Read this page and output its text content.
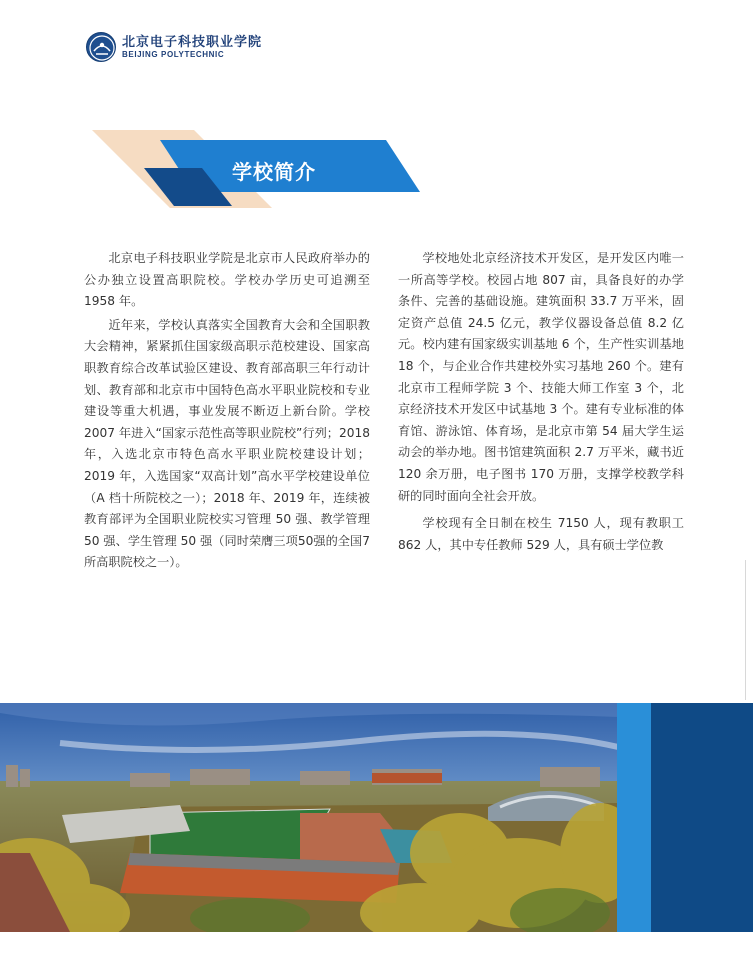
北京电子科技职业学院
BEIJING POLYTECHNIC
学校简介

北京电子科技职业学院是北京市人民政府举办的公办独立设置高职院校。学校办学历史可追溯至 1958 年。

近年来，学校认真落实全国教育大会和全国职教大会精神，紧紧抓住国家级高职示范校建设、国家高职教育综合改革试验区建设、教育部高职三年行动计划、教育部和北京市中国特色高水平职业院校和专业建设等重大机遇，事业发展不断迈上新台阶。学校 2007 年进入“国家示范性高等职业院校”行列；2018 年，入选北京市特色高水平职业院校建设计划；2019 年，入选国家“双高计划”高水平学校建设单位（A 档十所院校之一）；2018 年、2019 年，连续被教育部评为全国职业院校实习管理 50 强、教学管理 50 强、学生管理 50 强（同时荣膺三项50强的全国7所高职院校之一）。

学校地处北京经济技术开发区，是开发区内唯一一所高等学校。校园占地 807 亩，具备良好的办学条件、完善的基础设施。建筑面积 33.7 万平米，固定资产总值 24.5 亿元，教学仪器设备总值 8.2 亿元。校内建有国家级实训基地 6 个，生产性实训基地 18 个，与企业合作共建校外实习基地 260 个。建有北京市工程师学院 3 个、技能大师工作室 3 个，北京经济技术开发区中试基地 3 个。建有专业标准的体育馆、游泳馆、体育场，是北京市第 54 届大学生运动会的举办地。图书馆建筑面积 2.7 万平米，藏书近 120 余万册，电子图书 170 万册，支撑学校教学科研的同时面向全社会开放。

学校现有全日制在校生 7150 人，现有教职工 862 人，其中专任教师 529 人，具有硕士学位教
